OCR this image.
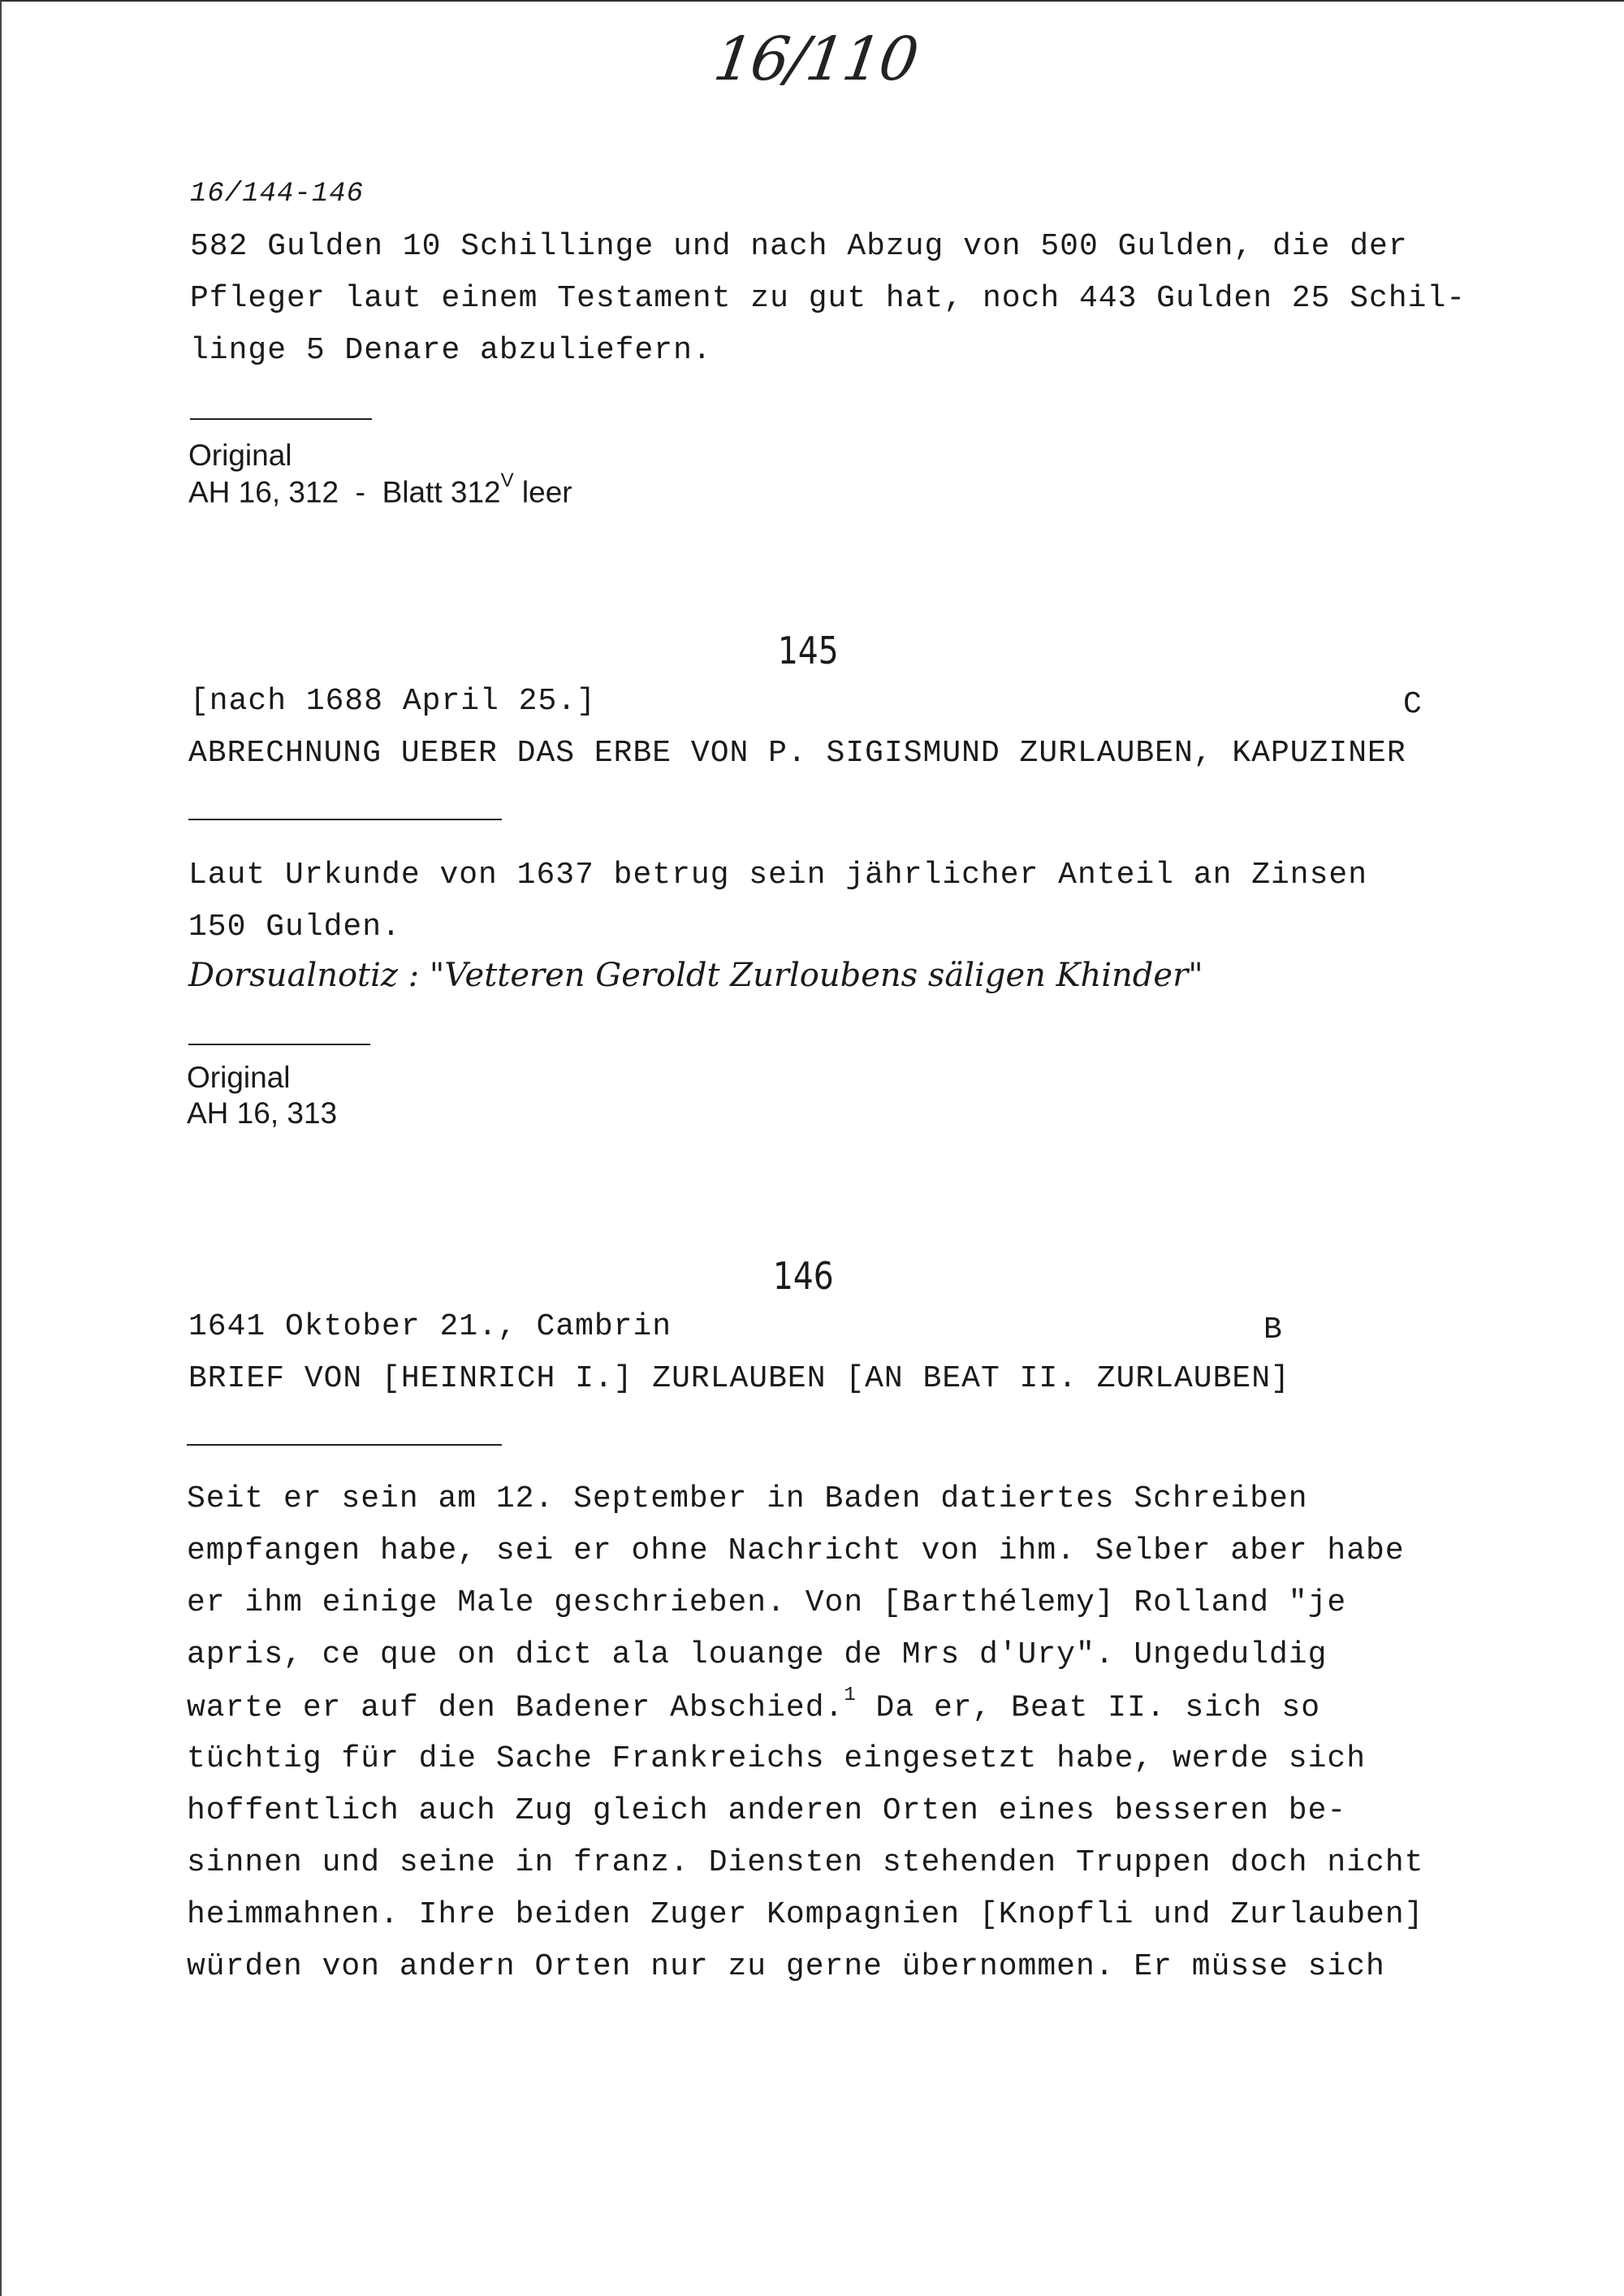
16/110
16/144-146
582 Gulden 10 Schillinge und nach Abzug von 500 Gulden, die der
Pfleger laut einem Testament zu gut hat, noch 443 Gulden 25 Schil-
linge 5 Denare abzuliefern.
Original
AH 16, 312  -  Blatt $312^V$ leer
145
[nach 1688 April 25.]	C
ABRECHNUNG UEBER DAS ERBE VON P. SIGISMUND ZURLAUBEN, KAPUZINER
Laut Urkunde von 1637 betrug sein jährlicher Anteil an Zinsen
150 Gulden.
Dorsualnotiz : "Vetteren Geroldt Zurloubens säligen Khinder"
Original
AH 16, 313
146
1641 Oktober 21., Cambrin	B
BRIEF VON [HEINRICH I.] ZURLAUBEN [AN BEAT II. ZURLAUBEN]
Seit er sein am 12. September in Baden datiertes Schreiben
empfangen habe, sei er ohne Nachricht von ihm. Selber aber habe
er ihm einige Male geschrieben. Von [Barthélemy] Rolland "je
apris, ce que on dict ala louange de Mrs d'Ury". Ungeduldig
warte er auf den Badener Abschied.$^1$ Da er, Beat II. sich so
tüchtig für die Sache Frankreichs eingesetzt habe, werde sich
hoffentlich auch Zug gleich anderen Orten eines besseren be-
sinnen und seine in franz. Diensten stehenden Truppen doch nicht
heimmahnen. Ihre beiden Zuger Kompagnien [Knopfli und Zurlauben]
würden von andern Orten nur zu gerne übernommen. Er müsse sich
